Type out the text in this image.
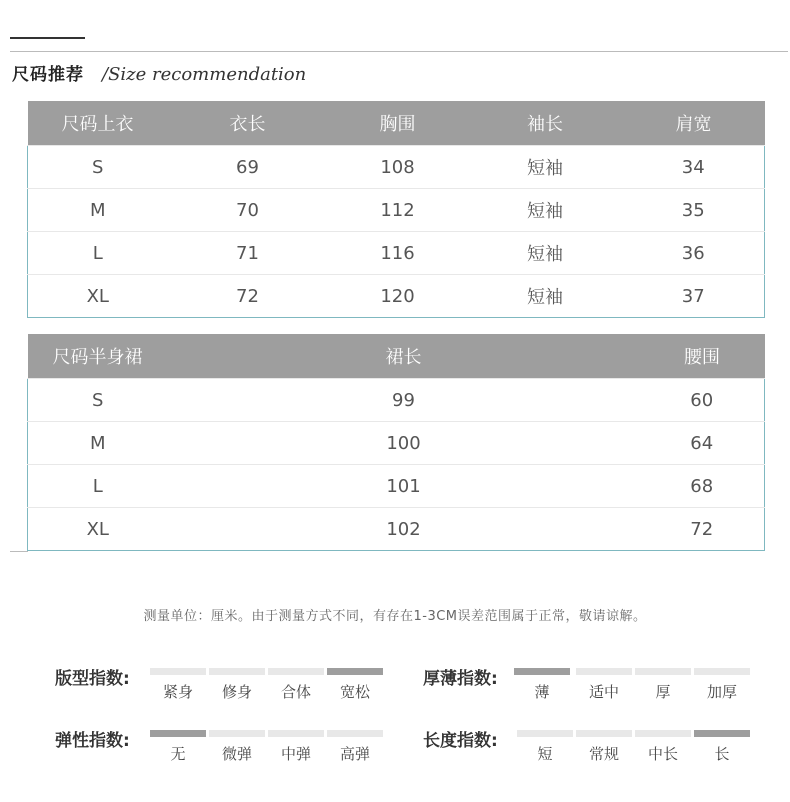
尺码推荐 /Size recommendation
尺码上衣	衣长	胸围	袖长	肩宽
S	69	108	短袖	34
M	70	112	短袖	35
L	71	116	短袖	36
XL	72	120	短袖	37
尺码半身裙	裙长	腰围
S	99	60
M	100	64
L	101	68
XL	102	72
测量单位：厘米。由于测量方式不同，有存在1-3CM误差范围属于正常，敬请谅解。
版型指数:
紧身	修身	合体	宽松
厚薄指数:
薄	适中	厚	加厚
弹性指数:
无	微弹	中弹	高弹
长度指数:
短	常规	中长	长
